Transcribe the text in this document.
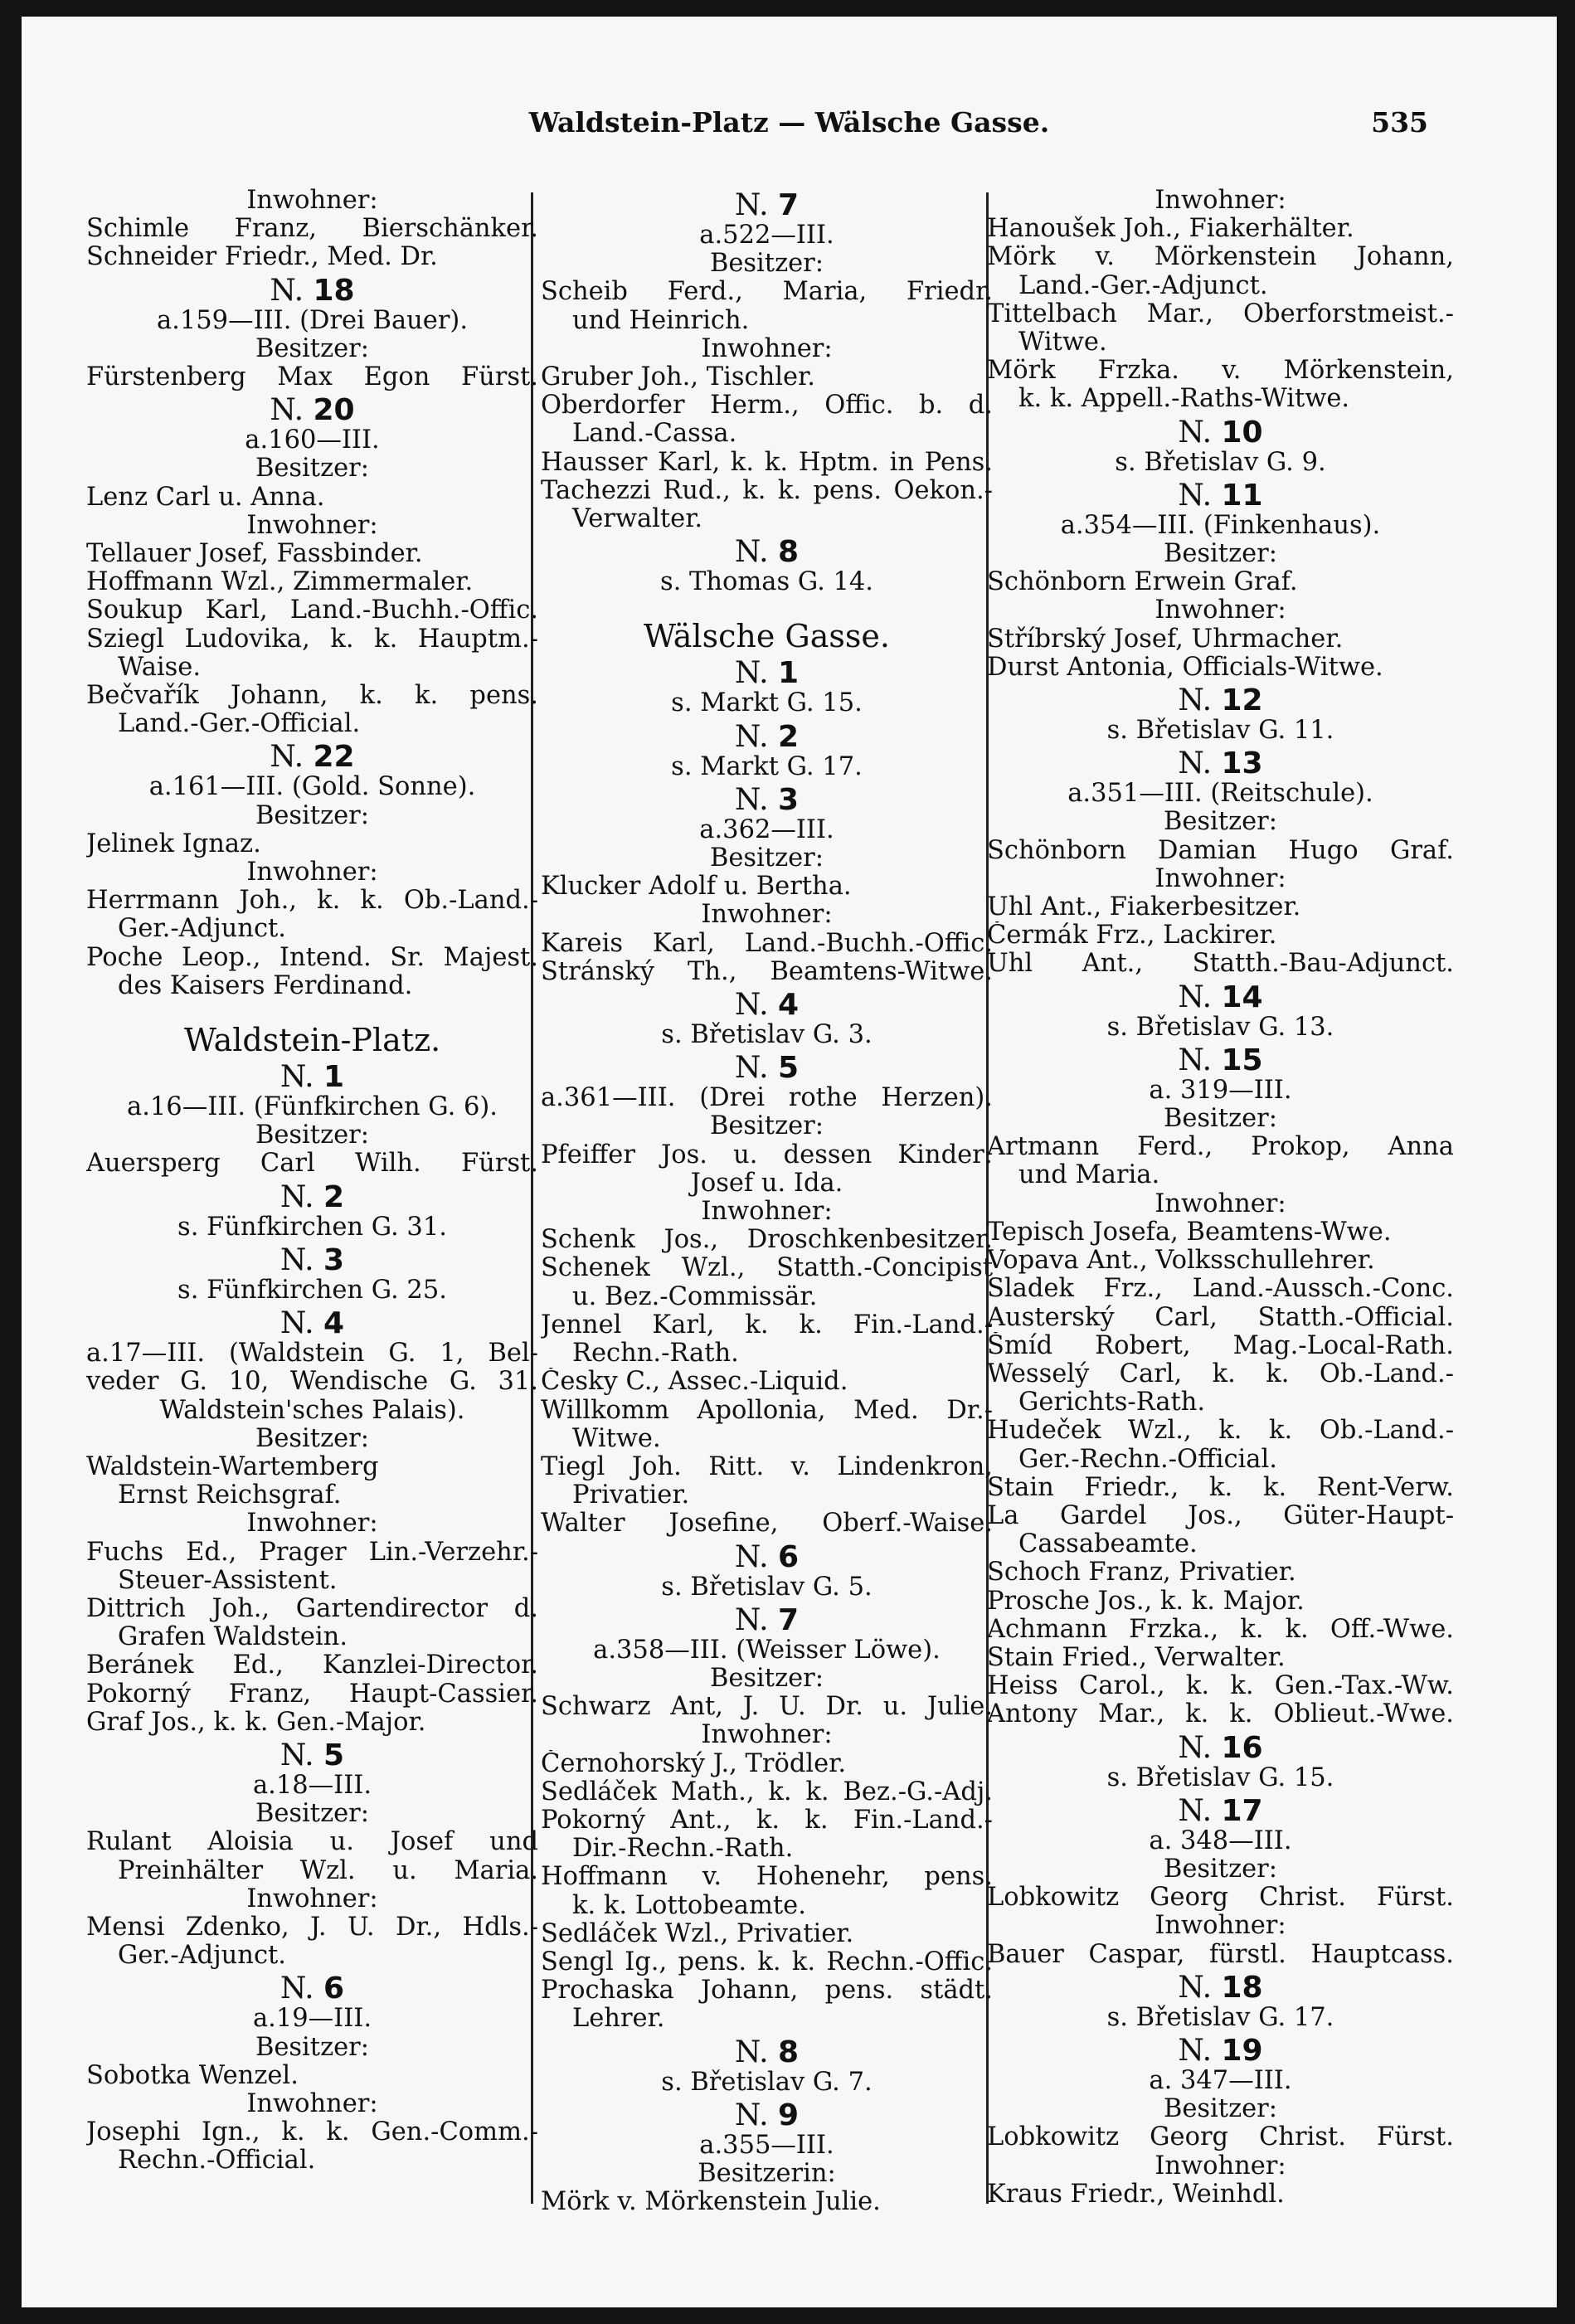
Waldstein-Platz — Wälsche Gasse.	535
Inwohner:
Schimle Franz, Bierschänker.
Schneider Friedr., Med. Dr.
N. 18
a.159—III. (Drei Bauer).
Besitzer:
Fürstenberg Max Egon Fürst.
N. 20
a.160—III.
Besitzer:
Lenz Carl u. Anna.
Inwohner:
Tellauer Josef, Fassbinder.
Hoffmann Wzl., Zimmermaler.
Soukup Karl, Land.-Buchh.-Offic.
Sziegl Ludovika, k. k. Hauptm.-
Waise.
Bečvařík Johann, k. k. pens.
Land.-Ger.-Official.
N. 22
a.161—III. (Gold. Sonne).
Besitzer:
Jelinek Ignaz.
Inwohner:
Herrmann Joh., k. k. Ob.-Land.-
Ger.-Adjunct.
Poche Leop., Intend. Sr. Majest.
des Kaisers Ferdinand.
Waldstein-Platz.
N. 1
a.16—III. (Fünfkirchen G. 6).
Besitzer:
Auersperg Carl Wilh. Fürst.
N. 2
s. Fünfkirchen G. 31.
N. 3
s. Fünfkirchen G. 25.
N. 4
a.17—III. (Waldstein G. 1, Bel-
veder G. 10, Wendische G. 31.
Waldstein'sches Palais).
Besitzer:
Waldstein-Wartemberg
Ernst Reichsgraf.
Inwohner:
Fuchs Ed., Prager Lin.-Verzehr.-
Steuer-Assistent.
Dittrich Joh., Gartendirector d.
Grafen Waldstein.
Beránek Ed., Kanzlei-Director.
Pokorný Franz, Haupt-Cassier.
Graf Jos., k. k. Gen.-Major.
N. 5
a.18—III.
Besitzer:
Rulant Aloisia u. Josef und
Preinhälter Wzl. u. Maria.
Inwohner:
Mensi Zdenko, J. U. Dr., Hdls.-
Ger.-Adjunct.
N. 6
a.19—III.
Besitzer:
Sobotka Wenzel.
Inwohner:
Josephi Ign., k. k. Gen.-Comm.-
Rechn.-Official.
N. 7
a.522—III.
Besitzer:
Scheib Ferd., Maria, Friedr.
und Heinrich.
Inwohner:
Gruber Joh., Tischler.
Oberdorfer Herm., Offic. b. d.
Land.-Cassa.
Hausser Karl, k. k. Hptm. in Pens.
Tachezzi Rud., k. k. pens. Oekon.-
Verwalter.
N. 8
s. Thomas G. 14.
Wälsche Gasse.
N. 1
s. Markt G. 15.
N. 2
s. Markt G. 17.
N. 3
a.362—III.
Besitzer:
Klucker Adolf u. Bertha.
Inwohner:
Kareis Karl, Land.-Buchh.-Offic.
Stránský Th., Beamtens-Witwe.
N. 4
s. Břetislav G. 3.
N. 5
a.361—III. (Drei rothe Herzen).
Besitzer:
Pfeiffer Jos. u. dessen Kinder:
Josef u. Ida.
Inwohner:
Schenk Jos., Droschkenbesitzer.
Schenek Wzl., Statth.-Concipist
u. Bez.-Commissär.
Jennel Karl, k. k. Fin.-Land.-
Rechn.-Rath.
Česky C., Assec.-Liquid.
Willkomm Apollonia, Med. Dr.-
Witwe.
Tiegl Joh. Ritt. v. Lindenkron,
Privatier.
Walter Josefine, Oberf.-Waise.
N. 6
s. Břetislav G. 5.
N. 7
a.358—III. (Weisser Löwe).
Besitzer:
Schwarz Ant, J. U. Dr. u. Julie.
Inwohner:
Černohorský J., Trödler.
Sedláček Math., k. k. Bez.-G.-Adj.
Pokorný Ant., k. k. Fin.-Land.-
Dir.-Rechn.-Rath.
Hoffmann v. Hohenehr, pens.
k. k. Lottobeamte.
Sedláček Wzl., Privatier.
Sengl Ig., pens. k. k. Rechn.-Offic.
Prochaska Johann, pens. städt.
Lehrer.
N. 8
s. Břetislav G. 7.
N. 9
a.355—III.
Besitzerin:
Mörk v. Mörkenstein Julie.
Inwohner:
Hanoušek Joh., Fiakerhälter.
Mörk v. Mörkenstein Johann,
Land.-Ger.-Adjunct.
Tittelbach Mar., Oberforstmeist.-
Witwe.
Mörk Frzka. v. Mörkenstein,
k. k. Appell.-Raths-Witwe.
N. 10
s. Břetislav G. 9.
N. 11
a.354—III. (Finkenhaus).
Besitzer:
Schönborn Erwein Graf.
Inwohner:
Stříbrský Josef, Uhrmacher.
Durst Antonia, Officials-Witwe.
N. 12
s. Břetislav G. 11.
N. 13
a.351—III. (Reitschule).
Besitzer:
Schönborn Damian Hugo Graf.
Inwohner:
Uhl Ant., Fiakerbesitzer.
Čermák Frz., Lackirer.
Uhl Ant., Statth.-Bau-Adjunct.
N. 14
s. Břetislav G. 13.
N. 15
a. 319—III.
Besitzer:
Artmann Ferd., Prokop, Anna
und Maria.
Inwohner:
Tepisch Josefa, Beamtens-Wwe.
Vopava Ant., Volksschullehrer.
Sladek Frz., Land.-Aussch.-Conc.
Austerský Carl, Statth.-Official.
Šmíd Robert, Mag.-Local-Rath.
Wesselý Carl, k. k. Ob.-Land.-
Gerichts-Rath.
Hudeček Wzl., k. k. Ob.-Land.-
Ger.-Rechn.-Official.
Stain Friedr., k. k. Rent-Verw.
La Gardel Jos., Güter-Haupt-
Cassabeamte.
Schoch Franz, Privatier.
Prosche Jos., k. k. Major.
Achmann Frzka., k. k. Off.-Wwe.
Stain Fried., Verwalter.
Heiss Carol., k. k. Gen.-Tax.-Ww.
Antony Mar., k. k. Oblieut.-Wwe.
N. 16
s. Břetislav G. 15.
N. 17
a. 348—III.
Besitzer:
Lobkowitz Georg Christ. Fürst.
Inwohner:
Bauer Caspar, fürstl. Hauptcass.
N. 18
s. Břetislav G. 17.
N. 19
a. 347—III.
Besitzer:
Lobkowitz Georg Christ. Fürst.
Inwohner:
Kraus Friedr., Weinhdl.
